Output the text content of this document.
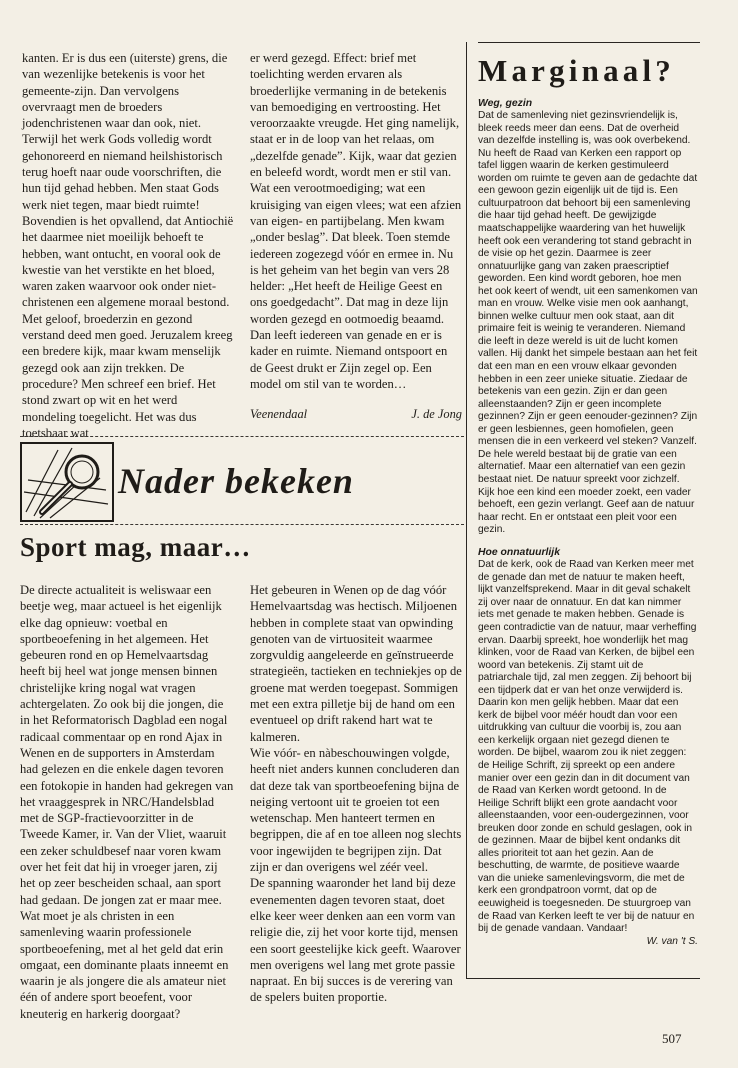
kanten. Er is dus een (uiterste) grens, die van wezenlijke betekenis is voor het gemeente-zijn. Dan vervolgens overvraagt men de broeders jodenchristenen waar dan ook, niet. Terwijl het werk Gods volledig wordt gehonoreerd en niemand heilshistorisch terug hoeft naar oude voorschriften, die hun tijd gehad hebben. Men staat Gods werk niet tegen, maar biedt ruimte! Bovendien is het opvallend, dat Antiochië het daarmee niet moeilijk behoeft te hebben, want ontucht, en vooral ook de kwestie van het verstikte en het bloed, waren zaken waarvoor ook onder niet-christenen een algemene moraal bestond.

Met geloof, broederzin en gezond verstand deed men goed. Jeruzalem kreeg een bredere kijk, maar kwam menselijk gezegd ook aan zijn trekken. De procedure? Men schreef een brief. Het stond zwart op wit en het werd mondeling toegelicht. Het was dus toetsbaar wat

er werd gezegd. Effect: brief met toelichting werden ervaren als broederlijke vermaning in de betekenis van bemoediging en vertroosting. Het veroorzaakte vreugde. Het ging namelijk, staat er in de loop van het relaas, om „dezelfde genade”. Kijk, waar dat gezien en beleefd wordt, wordt men er stil van. Wat een verootmoediging; wat een kruisiging van eigen vlees; wat een afzien van eigen- en partijbelang. Men kwam „onder beslag”. Dat bleek. Toen stemde iedereen zogezegd vóór en ermee in. Nu is het geheim van het begin van vers 28 helder: „Het heeft de Heilige Geest en ons goedgedacht”. Dat mag in deze lijn worden gezegd en ootmoedig beaamd. Dan leeft iedereen van genade en er is kader en ruimte. Niemand ontspoort en de Geest drukt er Zijn zegel op. Een model om stil van te worden…

Veenendaal	J. de Jong
Marginaal?

Weg, gezin

Dat de samenleving niet gezinsvriendelijk is, bleek reeds meer dan eens. Dat de overheid van dezelfde instelling is, was ook overbekend. Nu heeft de Raad van Kerken een rapport op tafel liggen waarin de kerken gestimuleerd worden om ruimte te geven aan de gedachte dat een gewoon gezin eigenlijk uit de tijd is. Een cultuurpatroon dat behoort bij een samenleving die haar tijd gehad heeft. De gewijzigde maatschappelijke waardering van het huwelijk heeft ook een verandering tot stand gebracht in de visie op het gezin. Daarmee is zeer onnatuurlijke gang van zaken praescriptief geworden. Een kind wordt geboren, hoe men het ook keert of wendt, uit een samenkomen van man en vrouw. Welke visie men ook aanhangt, binnen welke cultuur men ook staat, aan dit primaire feit is weinig te veranderen. Niemand die leeft in deze wereld is uit de lucht komen vallen. Hij dankt het simpele bestaan aan het feit dat een man en een vrouw elkaar gevonden hebben in een zeer unieke situatie. Ziedaar de betekenis van een gezin. Zijn er dan geen alleenstaanden? Zijn er geen incomplete gezinnen? Zijn er geen eenouder-gezinnen? Zijn er geen lesbiennes, geen homofielen, geen mensen die in een verkeerd vel steken? Vanzelf. De hele wereld bestaat bij de gratie van een alternatief. Maar een alternatief van een gezin bestaat niet. De natuur spreekt voor zichzelf. Kijk hoe een kind een moeder zoekt, een vader behoeft, een gezin verlangt. Geef aan de natuur haar recht. En er ontstaat een pleit voor een gezin.

Hoe onnatuurlijk

Dat de kerk, ook de Raad van Kerken meer met de genade dan met de natuur te maken heeft, lijkt vanzelfsprekend. Maar in dit geval schakelt zij over naar de onnatuur. En dat kan nimmer iets met genade te maken hebben. Genade is geen contradictie van de natuur, maar verheffing ervan. Daarbij spreekt, hoe wonderlijk het mag klinken, voor de Raad van Kerken, de bijbel een woord van betekenis. Zij stamt uit de patriarchale tijd, zal men zeggen. Zij behoort bij een tijdperk dat er van het onze verwijderd is. Daarin kon men gelijk hebben. Maar dat een kerk de bijbel voor méér houdt dan voor een uitdrukking van cultuur die voorbij is, zou aan een kerkelijk orgaan niet gezegd dienen te worden. De bijbel, waarom zou ik niet zeggen: de Heilige Schrift, zij spreekt op een andere manier over een gezin dan in dit document van de Raad van Kerken wordt getoond. In de Heilige Schrift blijkt een grote aandacht voor alleenstaanden, voor een-oudergezinnen, voor breuken door zonde en schuld geslagen, ook in de gezinnen. Maar de bijbel kent ondanks dit alles prioriteit tot aan het gezin. Aan de beschutting, de warmte, de positieve waarde van die unieke samenlevingsvorm, die met de kerk een grondpatroon vormt, dat op de eeuwigheid is toegesneden. De stuurgroep van de Raad van Kerken leeft te ver bij de natuur en bij de genade vandaan. Vandaar!

W. van 't S.

Nader bekeken
Sport mag, maar…

De directe actualiteit is weliswaar een beetje weg, maar actueel is het eigenlijk elke dag opnieuw: voetbal en sportbeoefening in het algemeen. Het gebeuren rond en op Hemelvaartsdag heeft bij heel wat jonge mensen binnen christelijke kring nogal wat vragen achtergelaten. Zo ook bij die jongen, die in het Reformatorisch Dagblad een nogal radicaal commentaar op en rond Ajax in Wenen en de supporters in Amsterdam had gelezen en die enkele dagen tevoren een fotokopie in handen had gekregen van het vraaggesprek in NRC/Handelsblad met de SGP-fractievoorzitter in de Tweede Kamer, ir. Van der Vliet, waaruit een zeker schuldbesef naar voren kwam over het feit dat hij in vroeger jaren, zij het op zeer bescheiden schaal, aan sport had gedaan. De jongen zat er maar mee. Wat moet je als christen in een samenleving waarin professionele sportbeoefening, met al het geld dat erin omgaat, een dominante plaats inneemt en waarin je als jongere die als amateur niet één of andere sport beoefent, voor kneuterig en harkerig doorgaat?

Het gebeuren in Wenen op de dag vóór Hemelvaartsdag was hectisch. Miljoenen hebben in complete staat van opwinding genoten van de virtuositeit waarmee zorgvuldig aangeleerde en geïnstrueerde strategieën, tactieken en techniekjes op de groene mat werden toegepast. Sommigen met een extra pilletje bij de hand om een eventueel op drift rakend hart wat te kalmeren.

Wie vóór- en nàbeschouwingen volgde, heeft niet anders kunnen concluderen dan dat deze tak van sportbeoefening bijna de neiging vertoont uit te groeien tot een wetenschap. Men hanteert termen en begrippen, die af en toe alleen nog slechts voor ingewijden te begrijpen zijn. Dat zijn er dan overigens wel zéér veel.

De spanning waaronder het land bij deze evenementen dagen tevoren staat, doet elke keer weer denken aan een vorm van religie die, zij het voor korte tijd, mensen een soort geestelijke kick geeft. Waarover men overigens wel lang met grote passie napraat. En bij succes is de verering van de spelers buiten proportie.

507
